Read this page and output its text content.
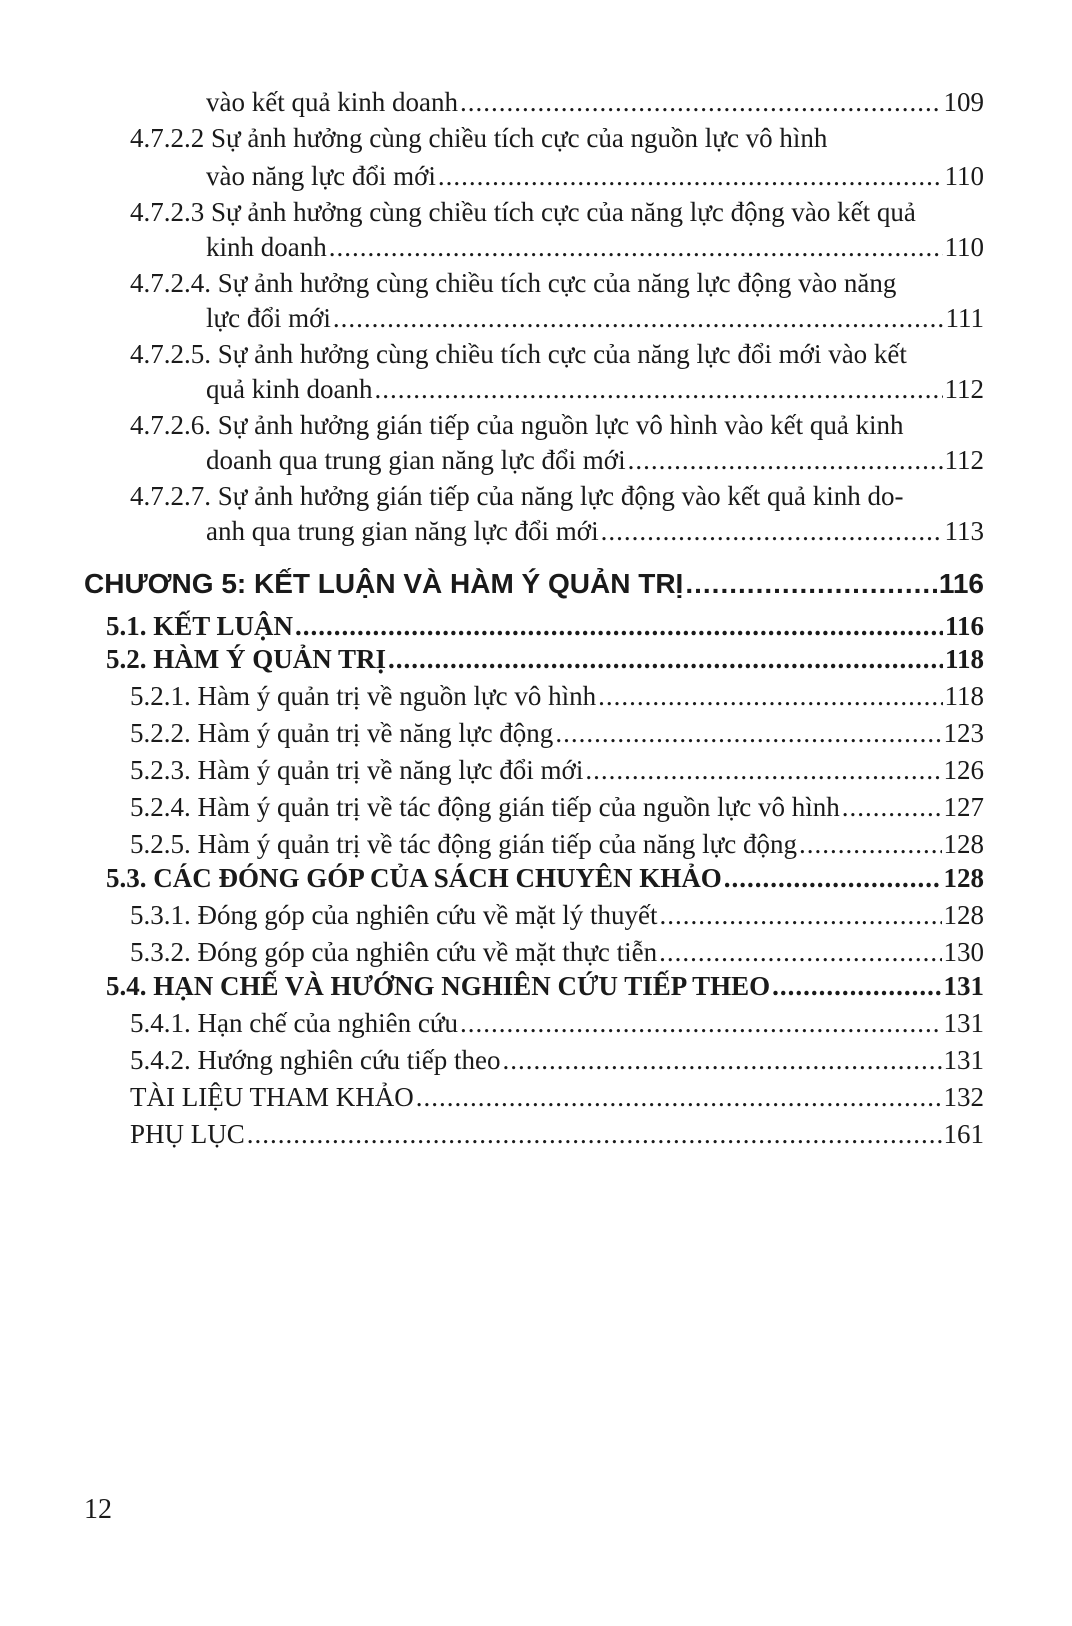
vào kết quả kinh doanh .....	109
4.7.2.2 Sự ảnh hưởng cùng chiều tích cực của nguồn lực vô hình
vào năng lực đổi mới .....	110
4.7.2.3 Sự ảnh hưởng cùng chiều tích cực của năng lực động vào kết quả
kinh doanh .....	110
4.7.2.4. Sự ảnh hưởng cùng chiều tích cực của năng lực động vào năng
lực đổi mới .....	111
4.7.2.5. Sự ảnh hưởng cùng chiều tích cực của năng lực đổi mới vào kết
quả kinh doanh .....	112
4.7.2.6. Sự ảnh hưởng gián tiếp của nguồn lực vô hình vào kết quả kinh
doanh qua trung gian năng lực đổi mới .....	112
4.7.2.7. Sự ảnh hưởng gián tiếp của năng lực động vào kết quả kinh do-
anh qua trung gian năng lực đổi mới .....	113
CHƯƠNG 5: KẾT LUẬN VÀ HÀM Ý QUẢN TRỊ .....	116
5.1. KẾT LUẬN .....	116
5.2. HÀM Ý QUẢN TRỊ .....	118
5.2.1. Hàm ý quản trị về nguồn lực vô hình .....	118
5.2.2. Hàm ý quản trị về năng lực động .....	123
5.2.3. Hàm ý quản trị về năng lực đổi mới .....	126
5.2.4. Hàm ý quản trị về tác động gián tiếp của nguồn lực vô hình .....	127
5.2.5. Hàm ý quản trị về tác động gián tiếp của năng lực động .....	128
5.3. CÁC ĐÓNG GÓP CỦA SÁCH CHUYÊN KHẢO .....	128
5.3.1. Đóng góp của nghiên cứu về mặt lý thuyết .....	128
5.3.2. Đóng góp của nghiên cứu về mặt thực tiễn .....	130
5.4. HẠN CHẾ VÀ HƯỚNG NGHIÊN CỨU TIẾP THEO .....	131
5.4.1. Hạn chế của nghiên cứu .....	131
5.4.2. Hướng nghiên cứu tiếp theo .....	131
TÀI LIỆU THAM KHẢO .....	132
PHỤ LỤC .....	161
12
